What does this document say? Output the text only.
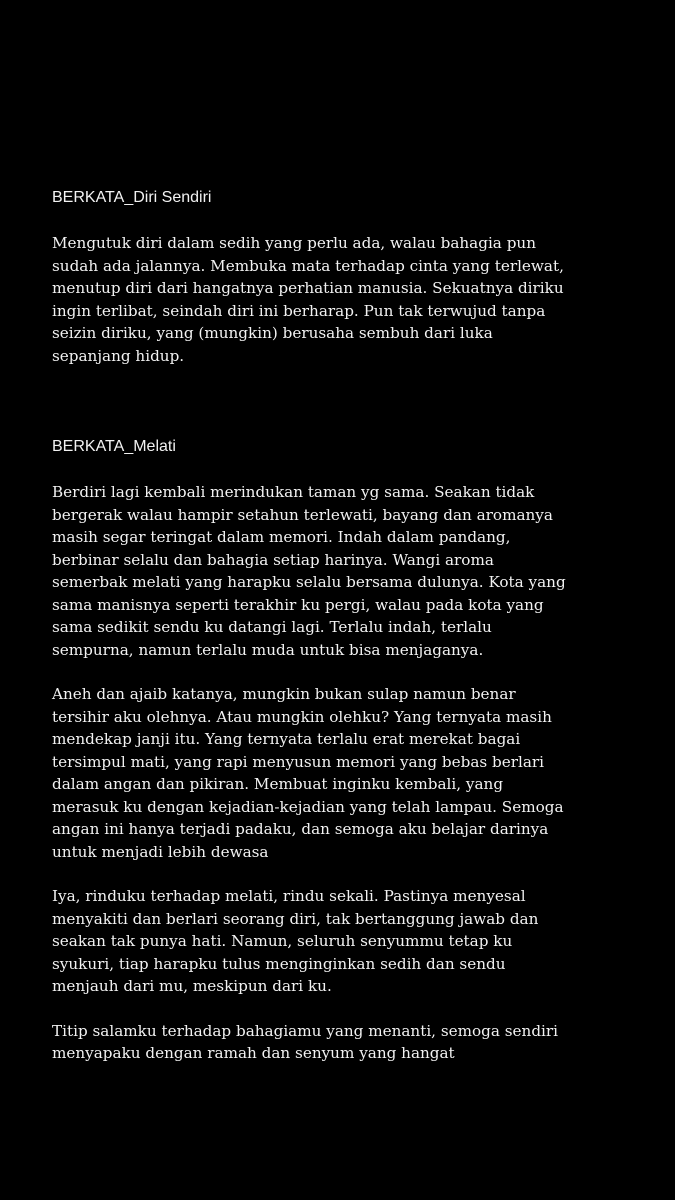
BERKATA_Diri Sendiri

Mengutuk diri dalam sedih yang perlu ada, walau bahagia pun
sudah ada jalannya. Membuka mata terhadap cinta yang terlewat,
menutup diri dari hangatnya perhatian manusia. Sekuatnya diriku
ingin terlibat, seindah diri ini berharap. Pun tak terwujud tanpa
seizin diriku, yang (mungkin) berusaha sembuh dari luka
sepanjang hidup.

BERKATA_Melati

Berdiri lagi kembali merindukan taman yg sama. Seakan tidak
bergerak walau hampir setahun terlewati, bayang dan aromanya
masih segar teringat dalam memori. Indah dalam pandang,
berbinar selalu dan bahagia setiap harinya. Wangi aroma
semerbak melati yang harapku selalu bersama dulunya. Kota yang
sama manisnya seperti terakhir ku pergi, walau pada kota yang
sama sedikit sendu ku datangi lagi. Terlalu indah, terlalu
sempurna, namun terlalu muda untuk bisa menjaganya.

Aneh dan ajaib katanya, mungkin bukan sulap namun benar
tersihir aku olehnya. Atau mungkin olehku? Yang ternyata masih
mendekap janji itu. Yang ternyata terlalu erat merekat bagai
tersimpul mati, yang rapi menyusun memori yang bebas berlari
dalam angan dan pikiran. Membuat inginku kembali, yang
merasuk ku dengan kejadian-kejadian yang telah lampau. Semoga
angan ini hanya terjadi padaku, dan semoga aku belajar darinya
untuk menjadi lebih dewasa

Iya, rinduku terhadap melati, rindu sekali. Pastinya menyesal
menyakiti dan berlari seorang diri, tak bertanggung jawab dan
seakan tak punya hati. Namun, seluruh senyummu tetap ku
syukuri, tiap harapku tulus menginginkan sedih dan sendu
menjauh dari mu, meskipun dari ku.

Titip salamku terhadap bahagiamu yang menanti, semoga sendiri
menyapaku dengan ramah dan senyum yang hangat
